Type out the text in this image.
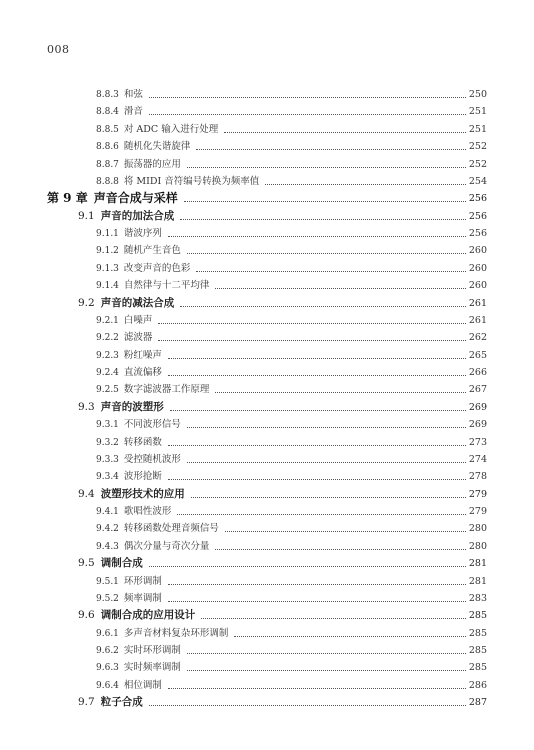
008
8.8.3 和弦	250
8.8.4 滑音	251
8.8.5 对 ADC 输入进行处理	251
8.8.6 随机化失谐旋律	252
8.8.7 振荡器的应用	252
8.8.8 将 MIDI 音符编号转换为频率值	254
第 9 章 声音合成与采样	256
9.1 声音的加法合成	256
9.1.1 谐波序列	256
9.1.2 随机产生音色	260
9.1.3 改变声音的色彩	260
9.1.4 自然律与十二平均律	260
9.2 声音的减法合成	261
9.2.1 白噪声	261
9.2.2 滤波器	262
9.2.3 粉红噪声	265
9.2.4 直流偏移	266
9.2.5 数字滤波器工作原理	267
9.3 声音的波塑形	269
9.3.1 不同波形信号	269
9.3.2 转移函数	273
9.3.3 受控随机波形	274
9.3.4 波形抢断	278
9.4 波塑形技术的应用	279
9.4.1 歌唱性波形	279
9.4.2 转移函数处理音频信号	280
9.4.3 偶次分量与奇次分量	280
9.5 调制合成	281
9.5.1 环形调制	281
9.5.2 频率调制	283
9.6 调制合成的应用设计	285
9.6.1 多声音材料复杂环形调制	285
9.6.2 实时环形调制	285
9.6.3 实时频率调制	285
9.6.4 相位调制	286
9.7 粒子合成	287
